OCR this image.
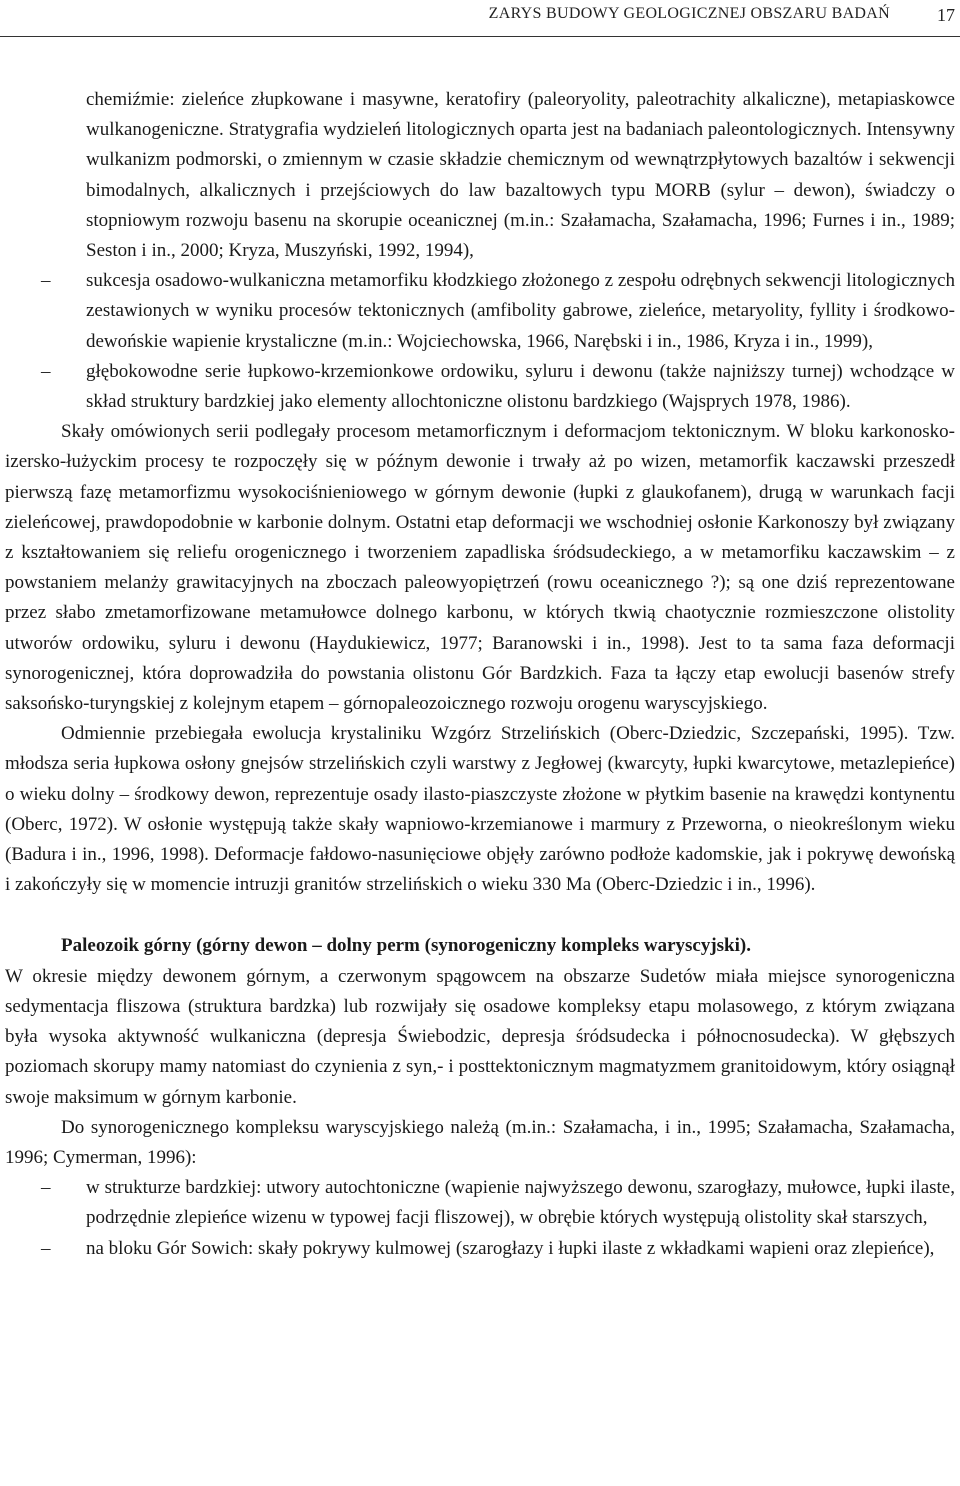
ZARYS BUDOWY GEOLOGICZNEJ OBSZARU BADAŃ	17

chemiźmie: zieleńce złupkowane i masywne, keratofiry (paleoryolity, paleotrachity alkaliczne), metapiaskowce wulkanogeniczne. Stratygrafia wydzieleń litologicznych oparta jest na badaniach paleontologicznych. Intensywny wulkanizm podmorski, o zmiennym w czasie składzie chemicznym od wewnątrzpłytowych bazaltów i sekwencji bimodalnych, alkalicznych i przejściowych do law bazaltowych typu MORB (sylur – dewon), świadczy o stopniowym rozwoju basenu na skorupie oceanicznej (m.in.: Szałamacha, Szałamacha, 1996; Furnes i in., 1989; Seston i in., 2000; Kryza, Muszyński, 1992, 1994),

– sukcesja osadowo-wulkaniczna metamorfiku kłodzkiego złożonego z zespołu odrębnych sekwencji litologicznych zestawionych w wyniku procesów tektonicznych (amfibolity gabrowe, zieleńce, metaryolity, fyllity i środkowo-dewońskie wapienie krystaliczne (m.in.: Wojciechowska, 1966, Narębski i in., 1986, Kryza i in., 1999),

– głębokowodne serie łupkowo-krzemionkowe ordowiku, syluru i dewonu (także najniższy turnej) wchodzące w skład struktury bardzkiej jako elementy allochtoniczne olistonu bardzkiego (Wajsprych 1978, 1986).

Skały omówionych serii podlegały procesom metamorficznym i deformacjom tektonicznym. W bloku karkonosko-izersko-łużyckim procesy te rozpoczęły się w późnym dewonie i trwały aż po wizen, metamorfik kaczawski przeszedł pierwszą fazę metamorfizmu wysokociśnieniowego w górnym dewonie (łupki z glaukofanem), drugą w warunkach facji zieleńcowej, prawdopodobnie w karbonie dolnym. Ostatni etap deformacji we wschodniej osłonie Karkonoszy był związany z kształtowaniem się reliefu orogenicznego i tworzeniem zapadliska śródsudeckiego, a w metamorfiku kaczawskim – z powstaniem melanży grawitacyjnych na zboczach paleowyopiętrzeń (rowu oceanicznego ?); są one dziś reprezentowane przez słabo zmetamorfizowane metamułowce dolnego karbonu, w których tkwią chaotycznie rozmieszczone olistolity utworów ordowiku, syluru i dewonu (Haydukiewicz, 1977; Baranowski i in., 1998). Jest to ta sama faza deformacji synorogenicznej, która doprowadziła do powstania olistonu Gór Bardzkich. Faza ta łączy etap ewolucji basenów strefy saksońsko-turyngskiej z kolejnym etapem – górnopaleozoicznego rozwoju orogenu waryscyjskiego.

Odmiennie przebiegała ewolucja krystaliniku Wzgórz Strzelińskich (Oberc-Dziedzic, Szczepański, 1995). Tzw. młodsza seria łupkowa osłony gnejsów strzelińskich czyli warstwy z Jegłowej (kwarcyty, łupki kwarcytowe, metazlepieńce) o wieku dolny – środkowy dewon, reprezentuje osady ilasto-piaszczyste złożone w płytkim basenie na krawędzi kontynentu (Oberc, 1972). W osłonie występują także skały wapniowo-krzemianowe i marmury z Przeworna, o nieokreślonym wieku (Badura i in., 1996, 1998). Deformacje fałdowo-nasunięciowe objęły zarówno podłoże kadomskie, jak i pokrywę dewońską i zakończyły się w momencie intruzji granitów strzelińskich o wieku 330 Ma (Oberc-Dziedzic i in., 1996).

Paleozoik górny (górny dewon – dolny perm (synorogeniczny kompleks waryscyjski).

W okresie między dewonem górnym, a czerwonym spągowcem na obszarze Sudetów miała miejsce synorogeniczna sedymentacja fliszowa (struktura bardzka) lub rozwijały się osadowe kompleksy etapu molasowego, z którym związana była wysoka aktywność wulkaniczna (depresja Świebodzic, depresja śródsudecka i północnosudecka). W głębszych poziomach skorupy mamy natomiast do czynienia z syn,- i posttektonicznym magmatyzmem granitoidowym, który osiągnął swoje maksimum w górnym karbonie.

Do synorogenicznego kompleksu waryscyjskiego należą (m.in.: Szałamacha, i in., 1995; Szałamacha, Szałamacha, 1996; Cymerman, 1996):

– w strukturze bardzkiej: utwory autochtoniczne (wapienie najwyższego dewonu, szarogłazy, mułowce, łupki ilaste, podrzędnie zlepieńce wizenu w typowej facji fliszowej), w obrębie których występują olistolity skał starszych,

– na bloku Gór Sowich: skały pokrywy kulmowej (szarogłazy i łupki ilaste z wkładkami wapieni oraz zlepieńce),
